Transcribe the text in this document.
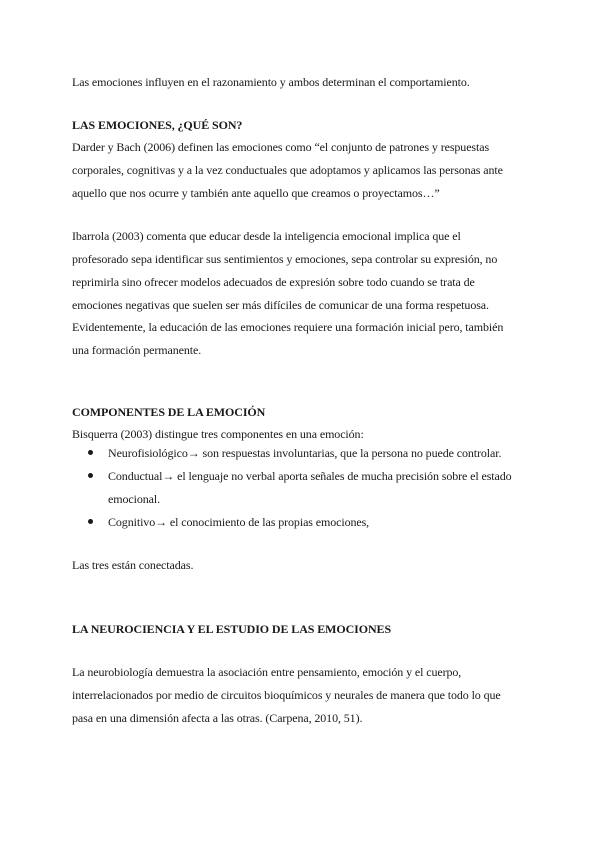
Las emociones influyen en el razonamiento y ambos determinan el comportamiento.
LAS EMOCIONES, ¿QUÉ SON?
Darder y Bach (2006) definen las emociones como “el conjunto de patrones y respuestas
corporales, cognitivas y a la vez conductuales que adoptamos y aplicamos las personas ante
aquello que nos ocurre y también ante aquello que creamos o proyectamos…”
Ibarrola (2003) comenta que educar desde la inteligencia emocional implica que el
profesorado sepa identificar sus sentimientos y emociones, sepa controlar su expresión, no
reprimirla sino ofrecer modelos adecuados de expresión sobre todo cuando se trata de
emociones negativas que suelen ser más difíciles de comunicar de una forma respetuosa.
Evidentemente, la educación de las emociones requiere una formación inicial pero, también
una formación permanente.
COMPONENTES DE LA EMOCIÓN
Bisquerra (2003) distingue tres componentes en una emoción:
Neurofisiológico→ son respuestas involuntarias, que la persona no puede controlar.
Conductual→ el lenguaje no verbal aporta señales de mucha precisión sobre el estado
emocional.
Cognitivo→ el conocimiento de las propias emociones,
Las tres están conectadas.
LA NEUROCIENCIA Y EL ESTUDIO DE LAS EMOCIONES
La neurobiología demuestra la asociación entre pensamiento, emoción y el cuerpo,
interrelacionados por medio de circuitos bioquímicos y neurales de manera que todo lo que
pasa en una dimensión afecta a las otras. (Carpena, 2010, 51).
